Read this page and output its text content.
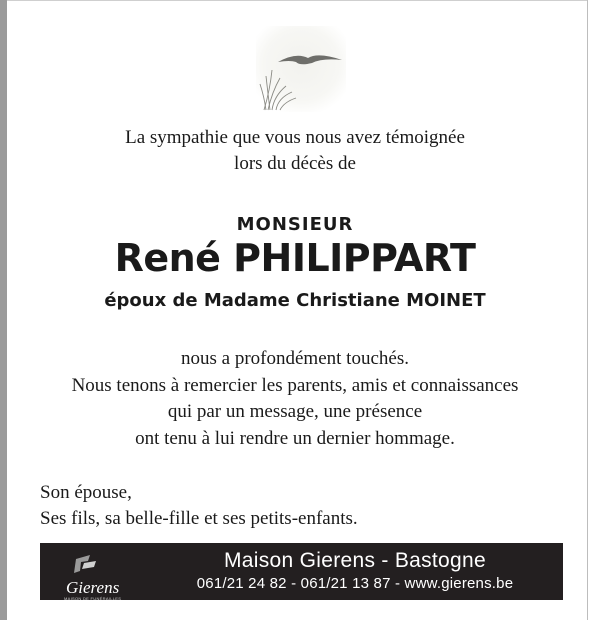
La sympathie que vous nous avez témoignée
lors du décès de
MONSIEUR
René PHILIPPART
époux de Madame Christiane MOINET
nous a profondément touchés.
Nous tenons à remercier les parents, amis et connaissances
qui par un message, une présence
ont tenu à lui rendre un dernier hommage.
Son épouse,
Ses fils, sa belle-fille et ses petits-enfants.
Gierens
MAISON DE FUNÉRAILLES
Maison Gierens - Bastogne
061/21 24 82 - 061/21 13 87 - www.gierens.be
